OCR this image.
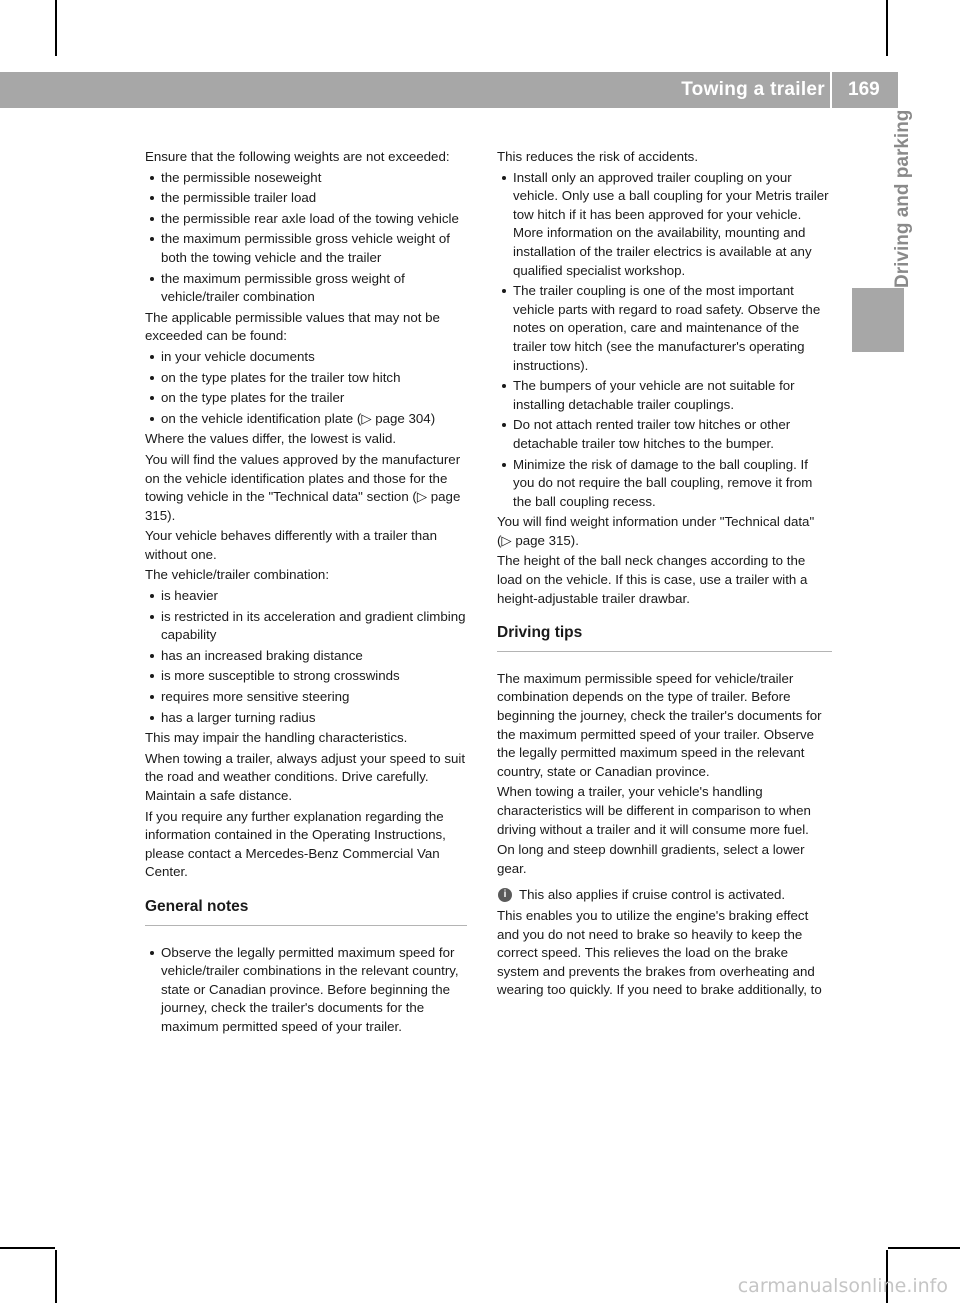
Towing a trailer	169
Driving and parking

Ensure that the following weights are not exceeded:

the permissible noseweight
the permissible trailer load
the permissible rear axle load of the towing vehicle
the maximum permissible gross vehicle weight of both the towing vehicle and the trailer
the maximum permissible gross weight of vehicle/trailer combination

The applicable permissible values that may not be exceeded can be found:

in your vehicle documents
on the type plates for the trailer tow hitch
on the type plates for the trailer
on the vehicle identification plate (▷ page 304)

Where the values differ, the lowest is valid.

You will find the values approved by the manufacturer on the vehicle identification plates and those for the towing vehicle in the "Technical data" section (▷ page 315).

Your vehicle behaves differently with a trailer than without one.

The vehicle/trailer combination:

is heavier
is restricted in its acceleration and gradient climbing capability
has an increased braking distance
is more susceptible to strong crosswinds
requires more sensitive steering
has a larger turning radius

This may impair the handling characteristics.

When towing a trailer, always adjust your speed to suit the road and weather conditions. Drive carefully. Maintain a safe distance.

If you require any further explanation regarding the information contained in the Operating Instructions, please contact a Mercedes-Benz Commercial Van Center.

General notes
Observe the legally permitted maximum speed for vehicle/trailer combinations in the relevant country, state or Canadian province. Before beginning the journey, check the trailer's documents for the maximum permitted speed of your trailer.

This reduces the risk of accidents.

Install only an approved trailer coupling on your vehicle. Only use a ball coupling for your Metris trailer tow hitch if it has been approved for your vehicle. More information on the availability, mounting and installation of the trailer electrics is available at any qualified specialist workshop.
The trailer coupling is one of the most important vehicle parts with regard to road safety. Observe the notes on operation, care and maintenance of the trailer tow hitch (see the manufacturer's operating instructions).
The bumpers of your vehicle are not suitable for installing detachable trailer couplings.
Do not attach rented trailer tow hitches or other detachable trailer tow hitches to the bumper.
Minimize the risk of damage to the ball coupling. If you do not require the ball coupling, remove it from the ball coupling recess.

You will find weight information under "Technical data" (▷ page 315).

The height of the ball neck changes according to the load on the vehicle. If this is case, use a trailer with a height-adjustable trailer drawbar.

Driving tips

The maximum permissible speed for vehicle/trailer combination depends on the type of trailer. Before beginning the journey, check the trailer's documents for the maximum permitted speed of your trailer. Observe the legally permitted maximum speed in the relevant country, state or Canadian province.

When towing a trailer, your vehicle's handling characteristics will be different in comparison to when driving without a trailer and it will consume more fuel.

On long and steep downhill gradients, select a lower gear.

i This also applies if cruise control is activated.

This enables you to utilize the engine's braking effect and you do not need to brake so heavily to keep the correct speed. This relieves the load on the brake system and prevents the brakes from overheating and wearing too quickly. If you need to brake additionally, to

carmanualsonline.info
